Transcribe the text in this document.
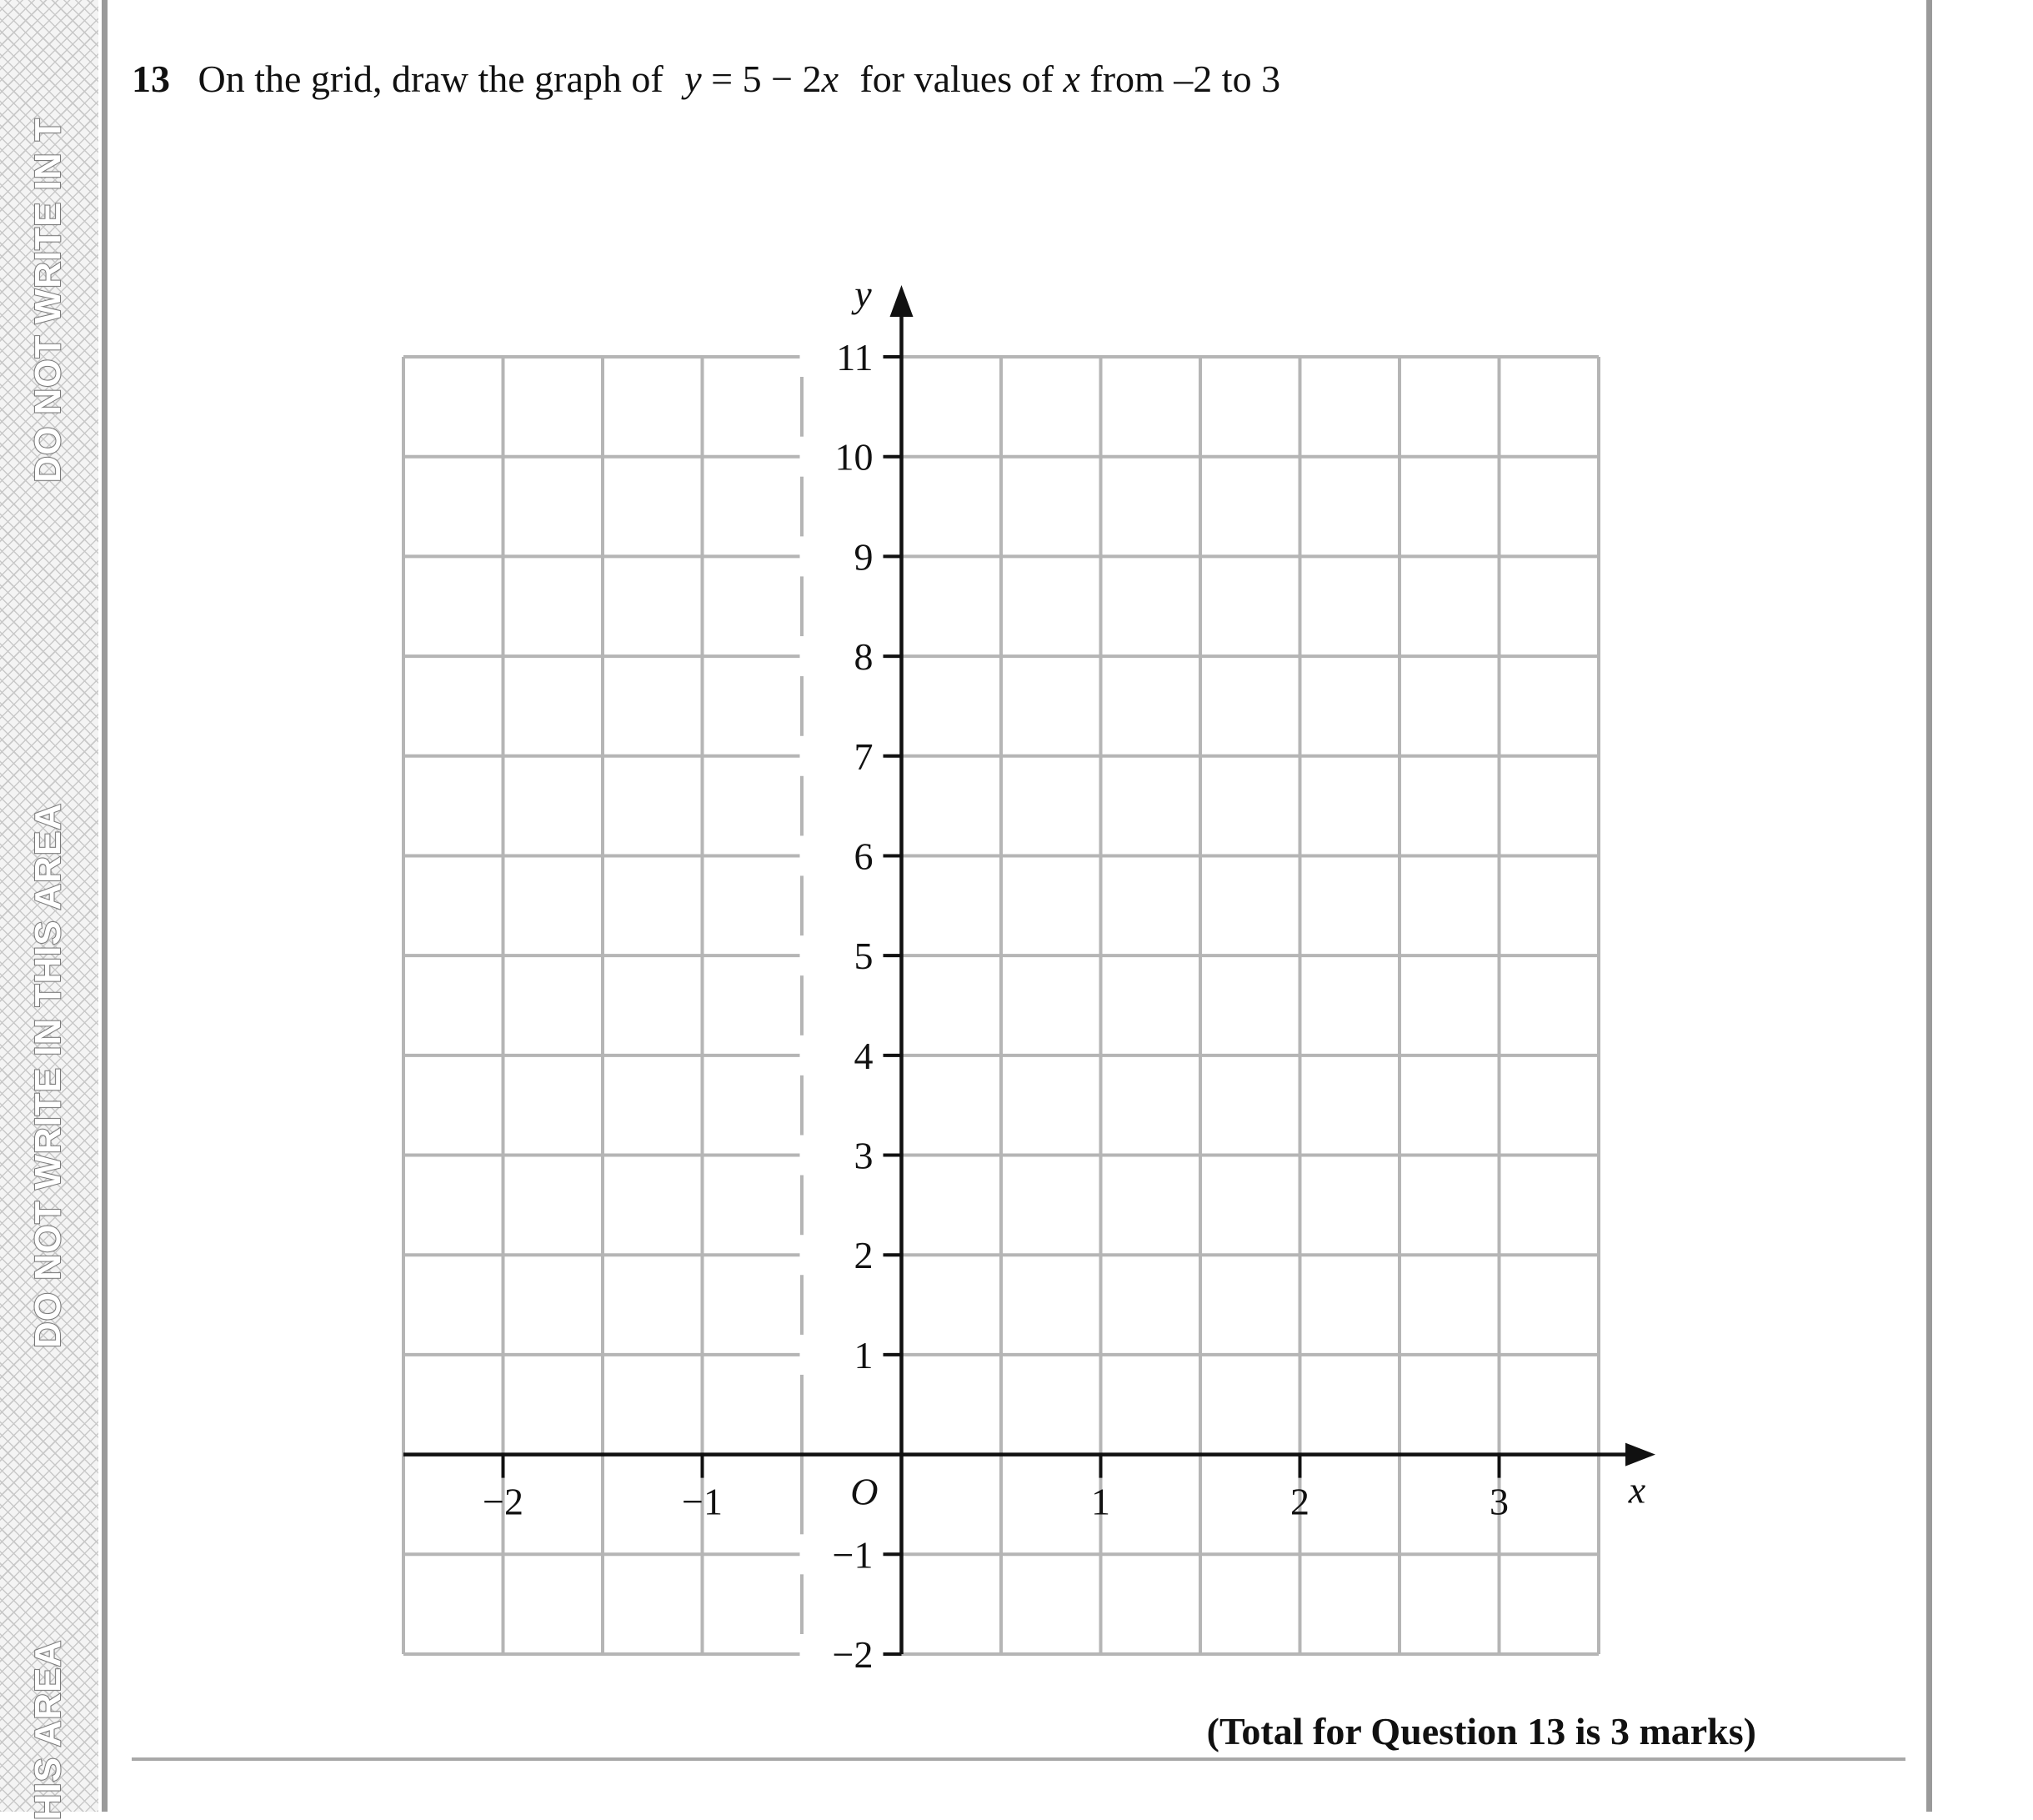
DO NOT WRITE IN T
DO NOT WRITE IN THIS AREA
HIS AREA
13 On the grid, draw the graph of y = 5 − 2x for values of x from –2 to 3
−2	−1	1	2	3
11
10
9
8
7
6
5
4
3
2
1
−1
−2
O	x
y
(Total for Question 13 is 3 marks)
